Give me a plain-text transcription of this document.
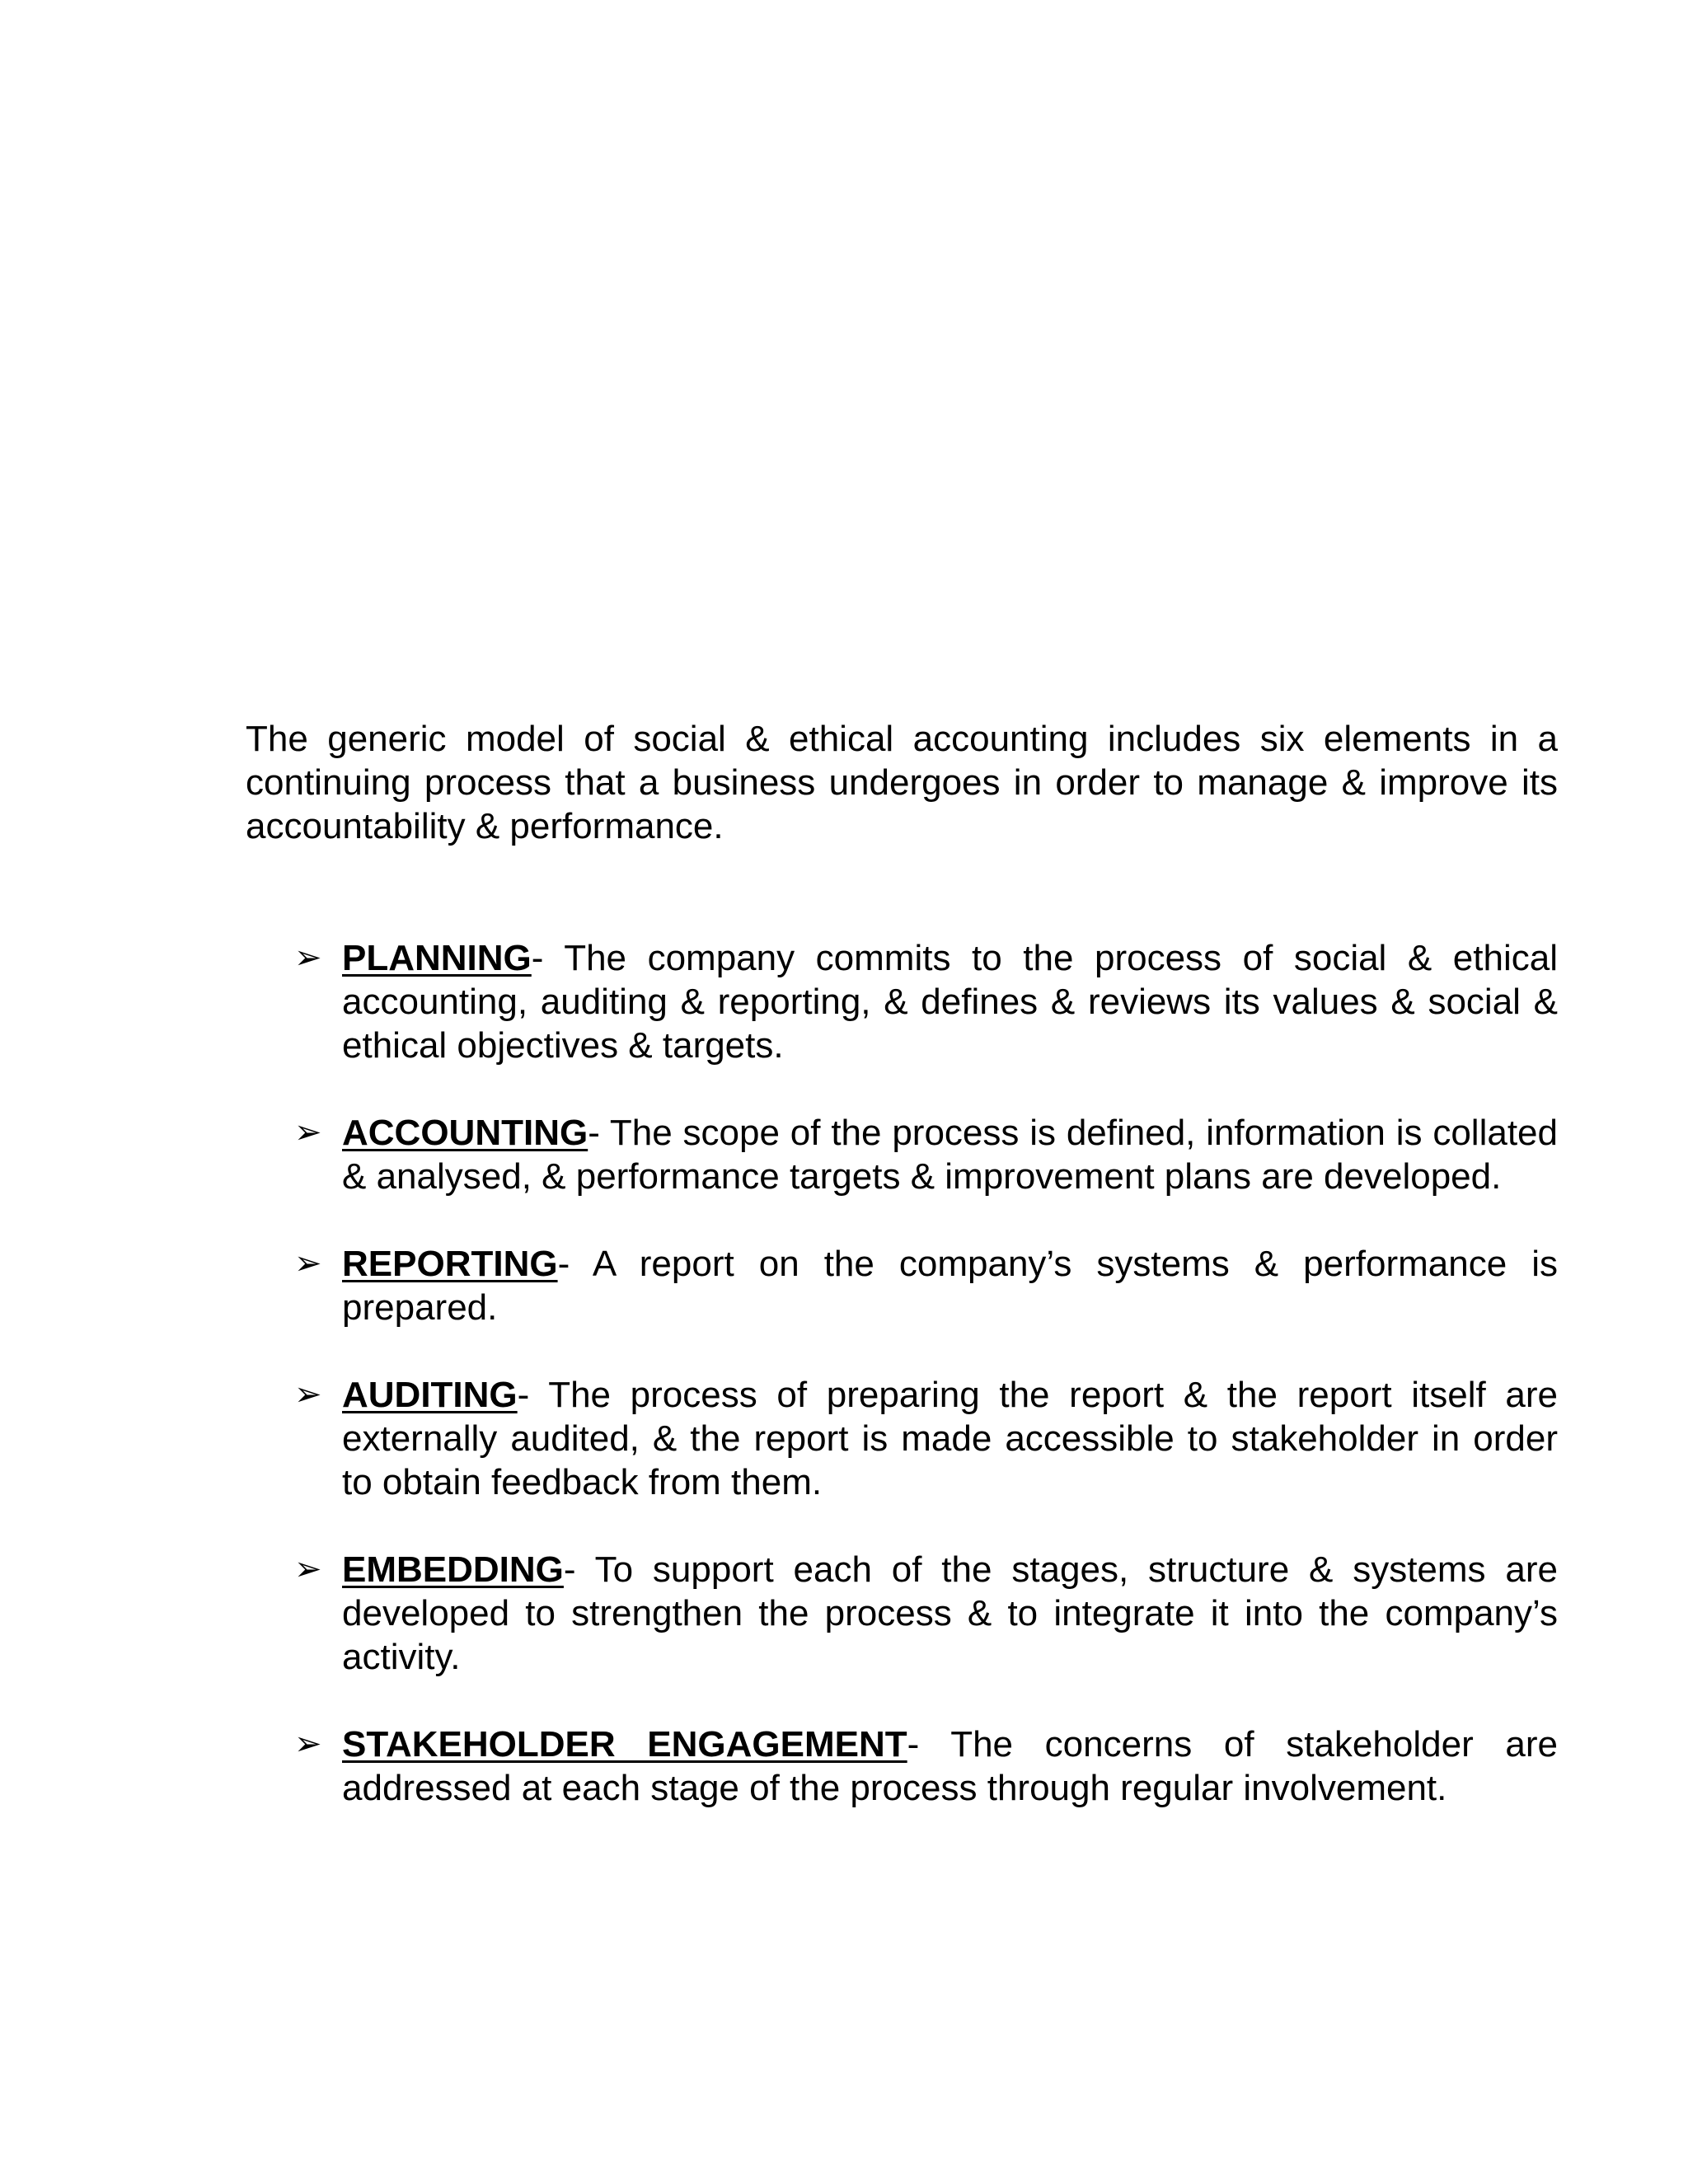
The generic model of social & ethical accounting includes six elements in a continuing process that a business undergoes in order to manage & improve its accountability & performance.

➢ PLANNING- The company commits to the process of social & ethical accounting, auditing & reporting, & defines & reviews its values & social & ethical objectives & targets.
➢ ACCOUNTING- The scope of the process is defined, information is collated & analysed, & performance targets & improvement plans are developed.
➢ REPORTING- A report on the company’s systems & performance is prepared.
➢ AUDITING- The process of preparing the report & the report itself are externally audited, & the report is made accessible to stakeholder in order to obtain feedback from them.
➢ EMBEDDING- To support each of the stages, structure & systems are developed to strengthen the process & to integrate it into the company’s activity.
➢ STAKEHOLDER ENGAGEMENT- The concerns of stakeholder are addressed at each stage of the process through regular involvement.
